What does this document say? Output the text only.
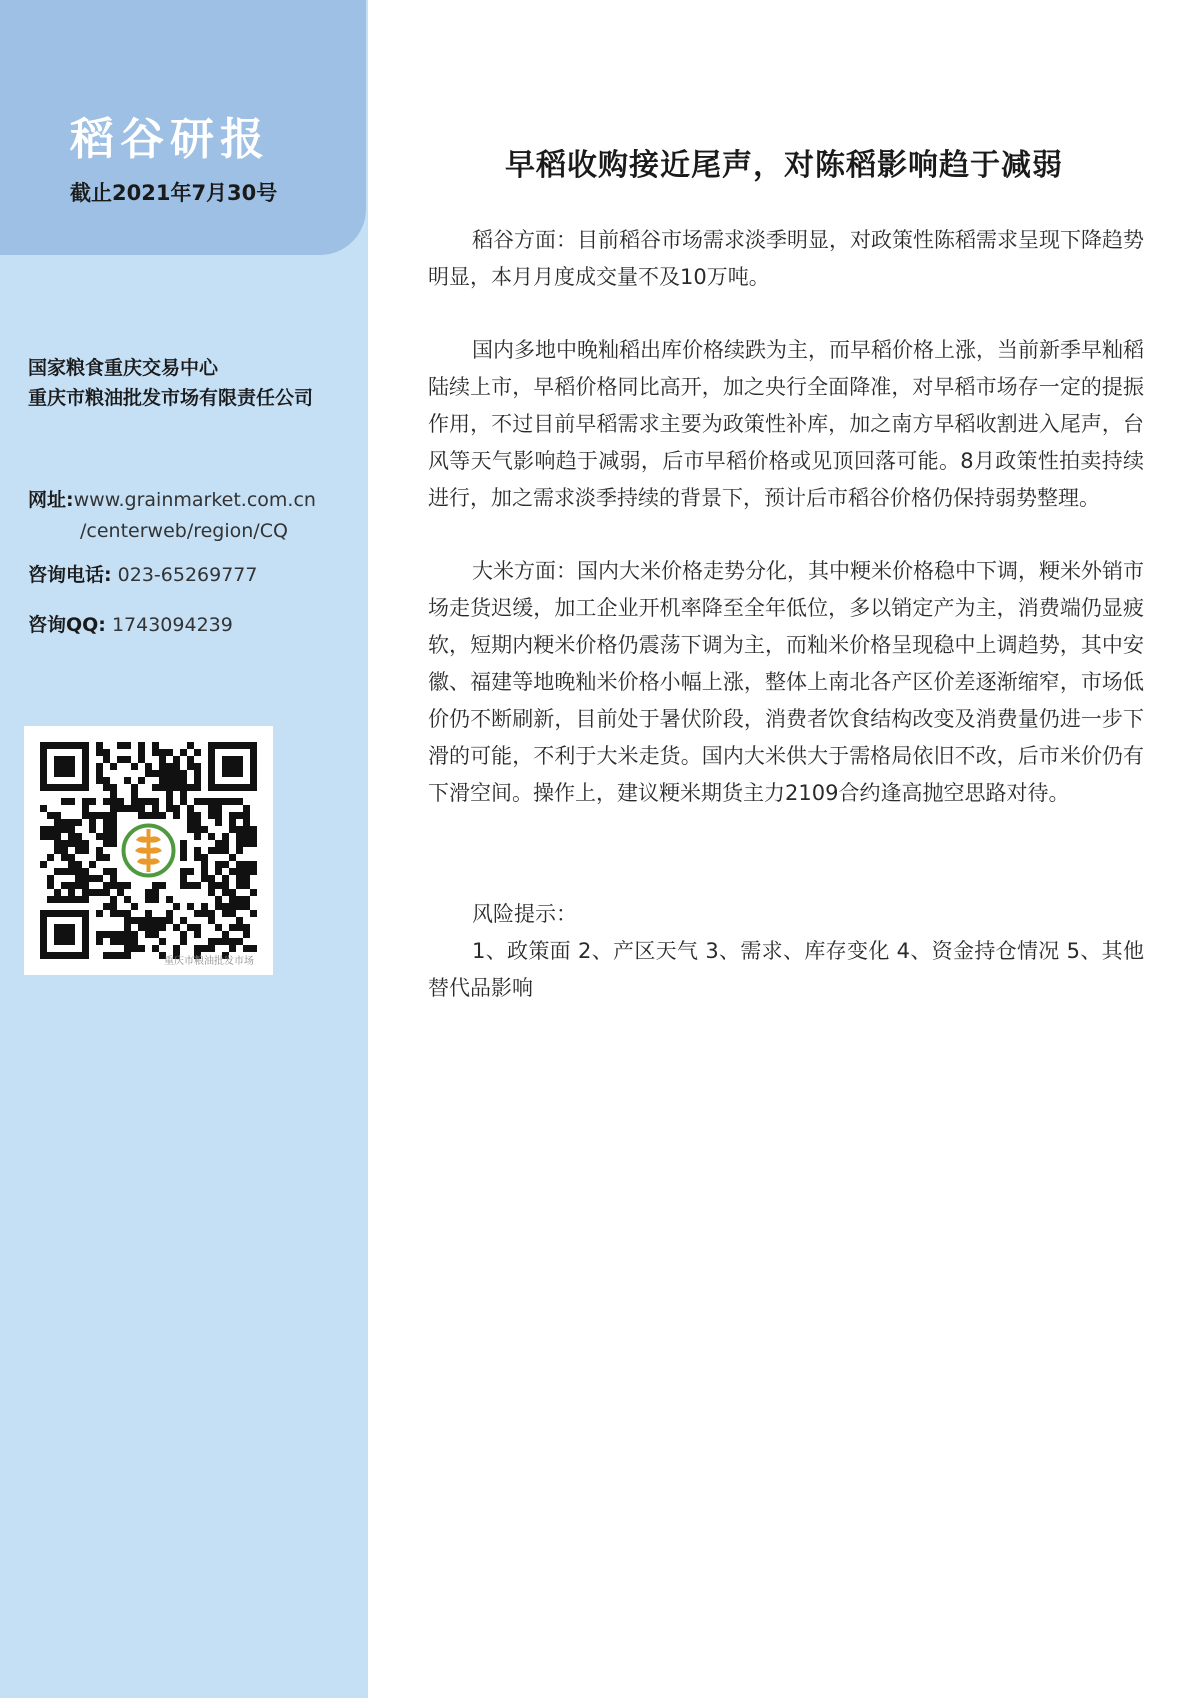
稻谷研报
截止2021年7月30号
国家粮食重庆交易中心
重庆市粮油批发市场有限责任公司
网址:www.grainmarket.com.cn
/centerweb/region/CQ
咨询电话: 023-65269777
咨询QQ: 1743094239
重庆市粮油批发市场
早稻收购接近尾声，对陈稻影响趋于减弱

稻谷方面：目前稻谷市场需求淡季明显，对政策性陈稻需求呈现下降趋势明显，本月月度成交量不及10万吨。

国内多地中晚籼稻出库价格续跌为主，而早稻价格上涨，当前新季早籼稻陆续上市，早稻价格同比高开，加之央行全面降准，对早稻市场存一定的提振作用，不过目前早稻需求主要为政策性补库，加之南方早稻收割进入尾声，台风等天气影响趋于减弱，后市早稻价格或见顶回落可能。8月政策性拍卖持续进行，加之需求淡季持续的背景下，预计后市稻谷价格仍保持弱势整理。

大米方面：国内大米价格走势分化，其中粳米价格稳中下调，粳米外销市场走货迟缓，加工企业开机率降至全年低位，多以销定产为主，消费端仍显疲软，短期内粳米价格仍震荡下调为主，而籼米价格呈现稳中上调趋势，其中安徽、福建等地晚籼米价格小幅上涨，整体上南北各产区价差逐渐缩窄，市场低价仍不断刷新，目前处于暑伏阶段，消费者饮食结构改变及消费量仍进一步下滑的可能，不利于大米走货。国内大米供大于需格局依旧不改，后市米价仍有下滑空间。操作上，建议粳米期货主力2109合约逢高抛空思路对待。

风险提示：

1、政策面 2、产区天气 3、需求、库存变化 4、资金持仓情况 5、其他替代品影响
